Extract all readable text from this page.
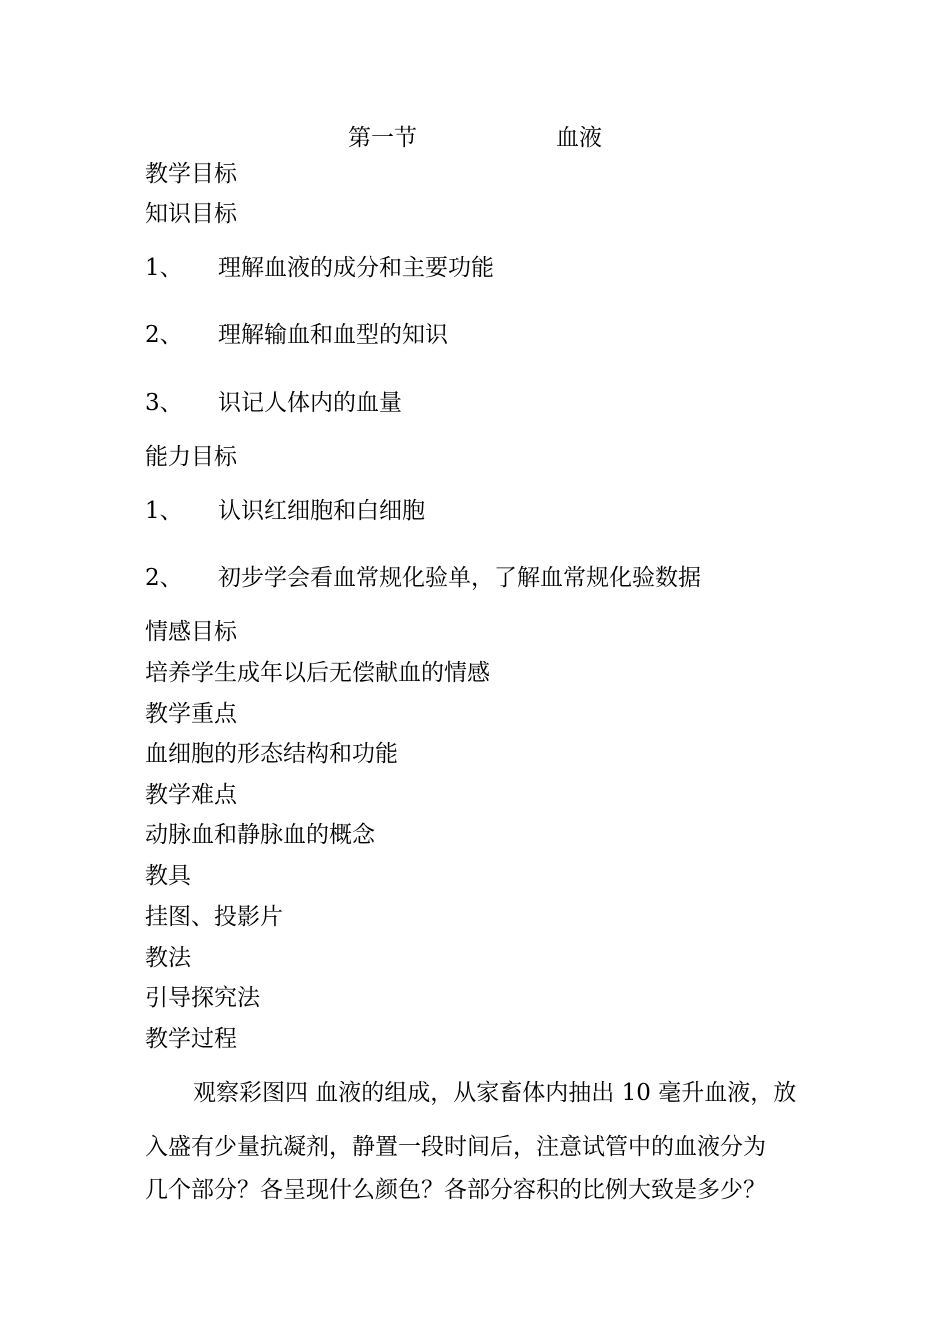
第一节	血液
教学目标
知识目标
1、 理解血液的成分和主要功能
2、 理解输血和血型的知识
3、 识记人体内的血量
能力目标
1、 认识红细胞和白细胞
2、 初步学会看血常规化验单，了解血常规化验数据
情感目标
培养学生成年以后无偿献血的情感
教学重点
血细胞的形态结构和功能
教学难点
动脉血和静脉血的概念
教具
挂图、投影片
教法
引导探究法
教学过程
观察彩图四 血液的组成，从家畜体内抽出 10 毫升血液，放
入盛有少量抗凝剂，静置一段时间后，注意试管中的血液分为
几个部分？各呈现什么颜色？各部分容积的比例大致是多少？
